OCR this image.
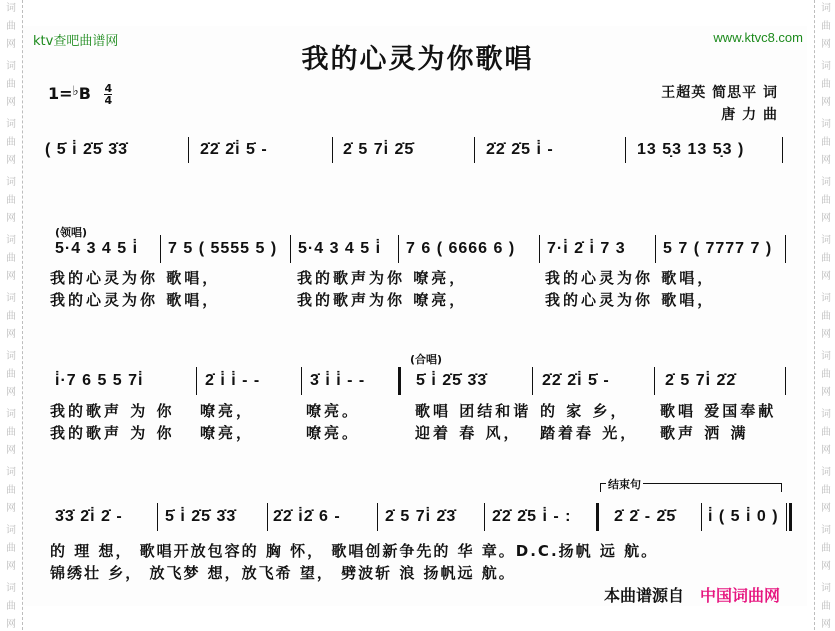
词
曲
网
词
曲
网
词
曲
网
词
曲
网
词
曲
网
词
曲
网
词
曲
网
词
曲
网
词
曲
网
词
曲
网
词
曲
网
词
曲
网
词
曲
网
词
曲
网
词
曲
网
词
曲
网
词
曲
网
词
曲
网
词
曲
网
词
曲
网
词
曲
网
词
曲
网
ktv查吧曲谱网	www.ktvc8.com
我的心灵为你歌唱
$1=^♭B \frac{4}{4}$	王超英 简思平 词
唐 力 曲
( 5̇ i̇ 2̇5̇ 3̇3̇	2̇2̇ 2̇i̇ 5̇ -	2̇ 5 7i̇ 2̇5̇	2̇2̇ 2̇5 i̇ -	13 5̣3 13 5̣3 )
(领唱)
5·4 3 4 5 i̇ 7 5 ( 5555 5 ) 5·4 3 4 5 i̇ 7 6 ( 6666 6 ) 7·i̇ 2̇ i̇ 7 3 5 7 ( 7777 7 )
我的心灵为你 歌唱，	我的歌声为你 嘹亮，	我的心灵为你 歌唱，
我的心灵为你 歌唱，	我的歌声为你 嘹亮，	我的心灵为你 歌唱，
(合唱)
i̇·7 6 5 5 7i̇	2̇ i̇ i̇ - -	3̇ i̇ i̇ - -	5̇ i̇ 2̇5̇ 3̇3̇	2̇2̇ 2̇i̇ 5̇ -	2̇ 5 7i̇ 2̇2̇
我的歌声 为 你 嘹亮，	嘹亮。	歌唱 团结和谐 的 家 乡， 歌唱 爱国奉献
我的歌声 为 你 嘹亮，	嘹亮。	迎着 春 风， 踏着春 光， 歌声 洒 满
结束句
3̇3̇ 2̇i̇ 2̇ -	5̇ i̇ 2̇5̇ 3̇3̇ 2̇2̇ i̇2̇ 6 -	2̇ 5 7i̇ 2̇3̇ 2̇2̇ 2̇5 i̇ - :	2̇ 2̇ - 2̇5̇ i̇ ( 5 i̇ 0 )
的 理 想， 歌唱开放包容的 胸 怀， 歌唱创新争先的 华 章。D.C.扬帆 远 航。
锦绣壮 乡， 放飞梦 想，放飞希 望， 劈波斩 浪 扬帆远 航。
本曲谱源自 中国词曲网
